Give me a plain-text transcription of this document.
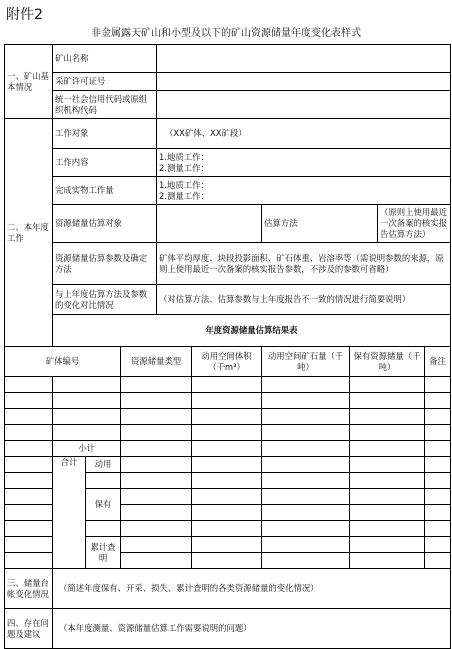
附件2
非金属露天矿山和小型及以下的矿山资源储量年度变化表样式
一、矿山基本情况	矿山名称								
	采矿许可证号								
	统一社会信用代码或原组织机构代码								
二、本年度工作	工作对象			（XX矿体、XX矿段）					
	工作内容			1.地质工作：
2.测量工作：					

	完成实物工作量			1.地质工作：
2.测量工作：					

	资源储量估算对象					估算方法		（原则上使用最近一次备案的核实报告估算方法）	
	资源储量估算参数及确定方法			矿体平均厚度、块段投影面积、矿石体重、岩溶率等（需说明参数的来源，原则上使用最近一次备案的核实报告参数，不涉及的参数可省略）					
	与上年度估算方法及参数的变化对比情况			（对估算方法、估算参数与上年度报告不一致的情况进行简要说明）					
	年度资源储量估算结果表								
矿体编号			资源储量类型		动用空间体积（千m³）	动用空间矿石量（千吨）	保有资源储量（千吨）		备注

	小计								
	合计	动用							

		保有							

		累计查明							

三、储量台帐变化情况	（简述年度保有、开采、损失、累计查明的各类资源储量的变化情况）								
四、存在问题及建议	（本年度测量、资源储量估算工作需要说明的问题）								
